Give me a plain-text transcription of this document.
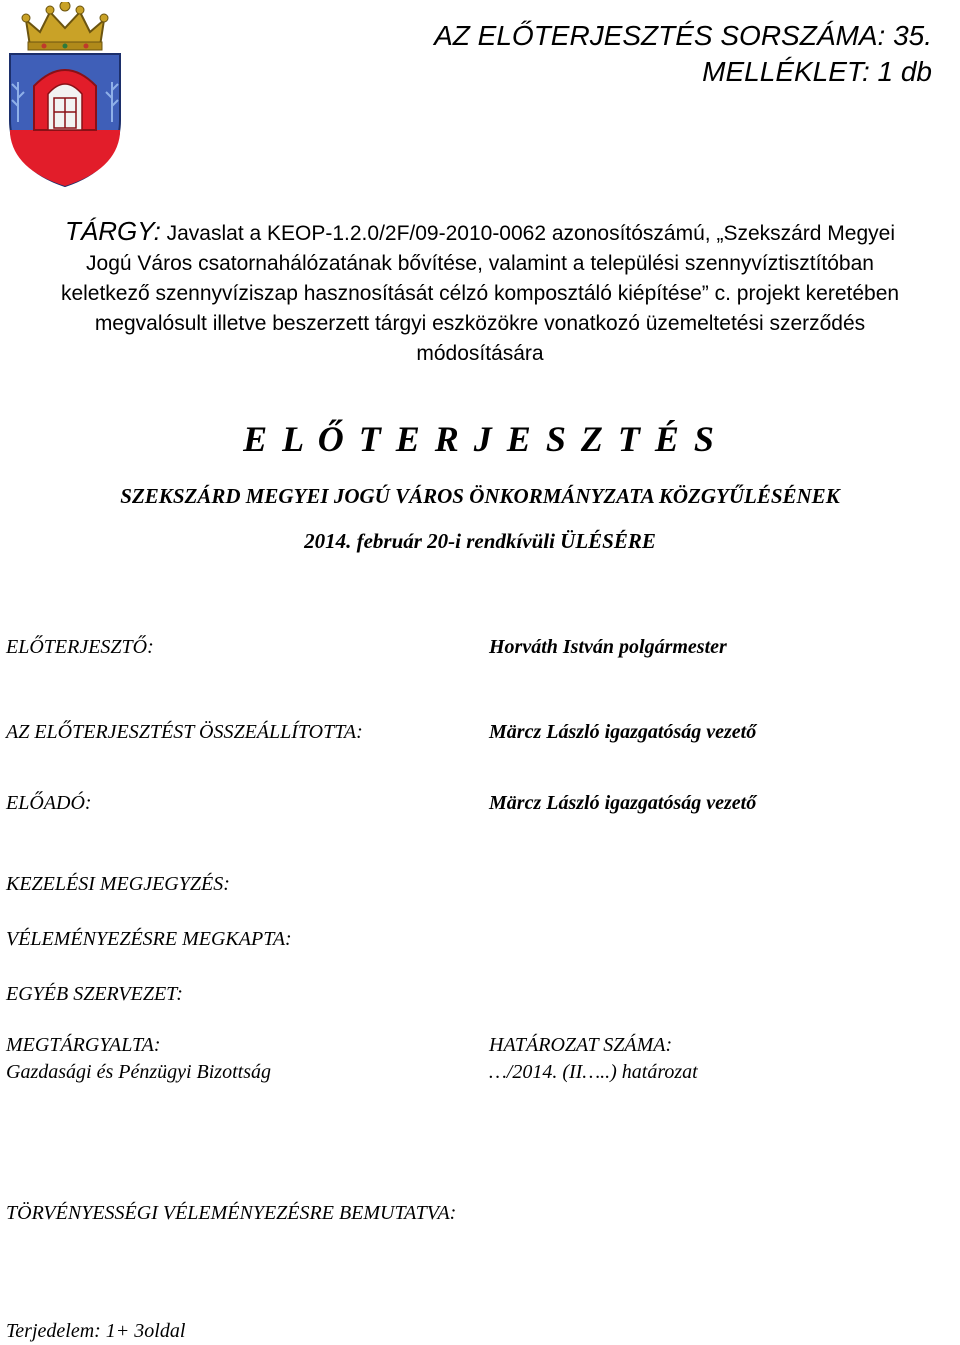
AZ ELŐTERJESZTÉS SORSZÁMA: 35.
MELLÉKLET: 1 db
TÁRGY: Javaslat a KEOP-1.2.0/2F/09-2010-0062 azonosítószámú, „Szekszárd Megyei
Jogú Város csatornahálózatának bővítése, valamint a települési szennyvíztisztítóban
keletkező szennyvíziszap hasznosítását célzó komposztáló kiépítése” c. projekt keretében
megvalósult illetve beszerzett tárgyi eszközökre vonatkozó üzemeltetési szerződés
módosítására
E L Ő T E R J E S Z T É S
SZEKSZÁRD MEGYEI JOGÚ VÁROS ÖNKORMÁNYZATA KÖZGYŰLÉSÉNEK
2014. február 20-i rendkívüli ÜLÉSÉRE
ELŐTERJESZTŐ:	Horváth István polgármester
AZ ELŐTERJESZTÉST ÖSSZEÁLLÍTOTTA:	Märcz László igazgatóság vezető
ELŐADÓ:	Märcz László igazgatóság vezető
KEZELÉSI MEGJEGYZÉS:
VÉLEMÉNYEZÉSRE MEGKAPTA:
EGYÉB SZERVEZET:
MEGTÁRGYALTA:
Gazdasági és Pénzügyi Bizottság
HATÁROZAT SZÁMA:
…/2014. (II…..) határozat
TÖRVÉNYESSÉGI VÉLEMÉNYEZÉSRE BEMUTATVA:
Terjedelem: 1+ 3oldal
